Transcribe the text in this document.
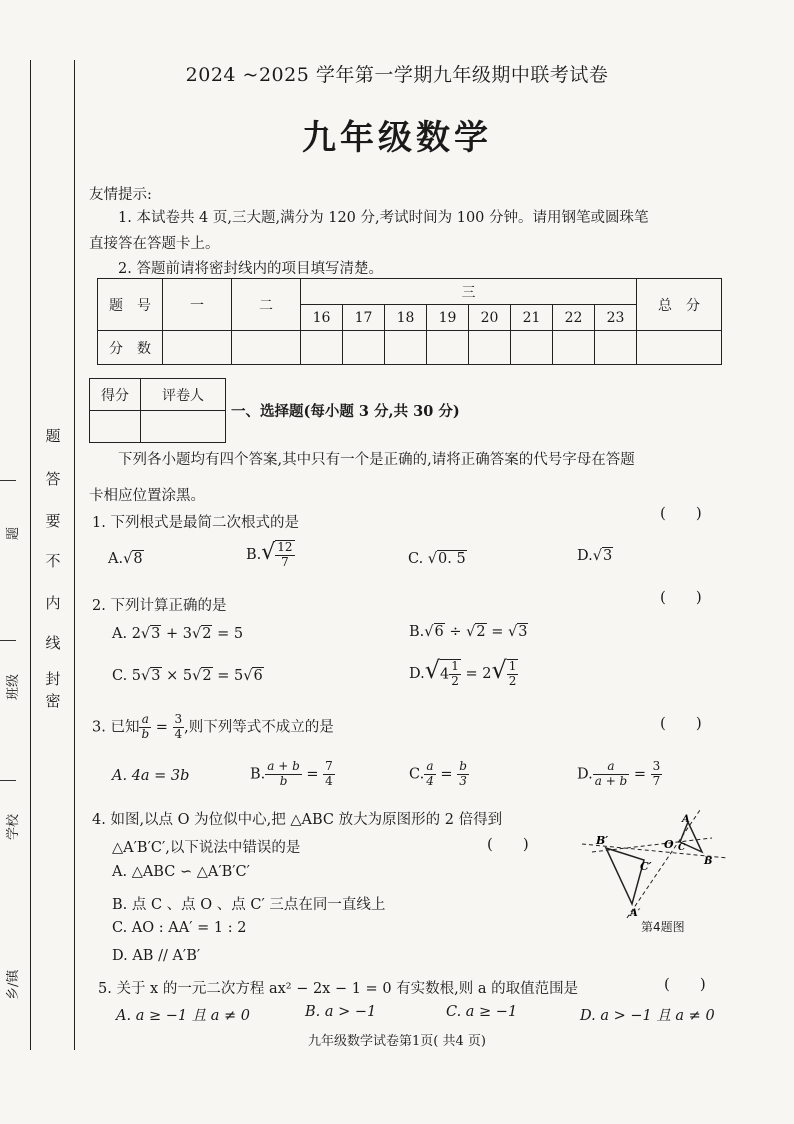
题
答
要
不
内
线
封
密
题
班级
学校
乡/镇
2024 ~2025 学年第一学期九年级期中联考试卷
九年级数学
友情提示:
1. 本试卷共 4 页,三大题,满分为 120 分,考试时间为 100 分钟。请用钢笔或圆珠笔
直接答在答题卡上。
2. 答题前请将密封线内的项目填写清楚。
题　号	一	二	三								总　分
			16	17	18	19	20	21	22	23	
分　数											
得分	评卷人

一、选择题(每小题 3 分,共 30 分)
下列各小题均有四个答案,其中只有一个是正确的,请将正确答案的代号字母在答题
卡相应位置涂黑。
1. 下列根式是最简二次根式的是
(　　)
A.√8	$B.√ \frac{12}{7}$	C. √0. 5	D.√3
2. 下列计算正确的是	(　　)
A. 2√3 + 3√2 = 5	B.√6 ÷ √2 = √3
C. 5√3 × 5√2 = 5√6	$D.√4 \frac{1}{2} = 2√ \frac{1}{2}$
3. 已知 $\frac{a}{b} = \frac{3}{4}$ ,则下列等式不成立的是	(　　)
A. 4a = 3b	B. $\frac{a + b}{b} = \frac{7}{4}$	C. $\frac{a}{4} = \frac{b}{3}$	D. $\frac{a}{a + b} = \frac{3}{7}$
4. 如图,以点 O 为位似中心,把 △ABC 放大为原图形的 2 倍得到
△A′B′C′,以下说法中错误的是	(　　)
A. △ABC ∽ △A′B′C′
B. 点 C 、点 O 、点 C′ 三点在同一直线上
C. AO : AA′ = 1 : 2
D. AB // A′B′
B′
C′
O
A
C
B
A′
第4题图
5. 关于 x 的一元二次方程 ax² − 2x − 1 = 0 有实数根,则 a 的取值范围是	(　　)
A. a ≥ −1 且 a ≠ 0	B. a > −1	C. a ≥ −1	D. a > −1 且 a ≠ 0
九年级数学试卷第1页( 共4 页)
